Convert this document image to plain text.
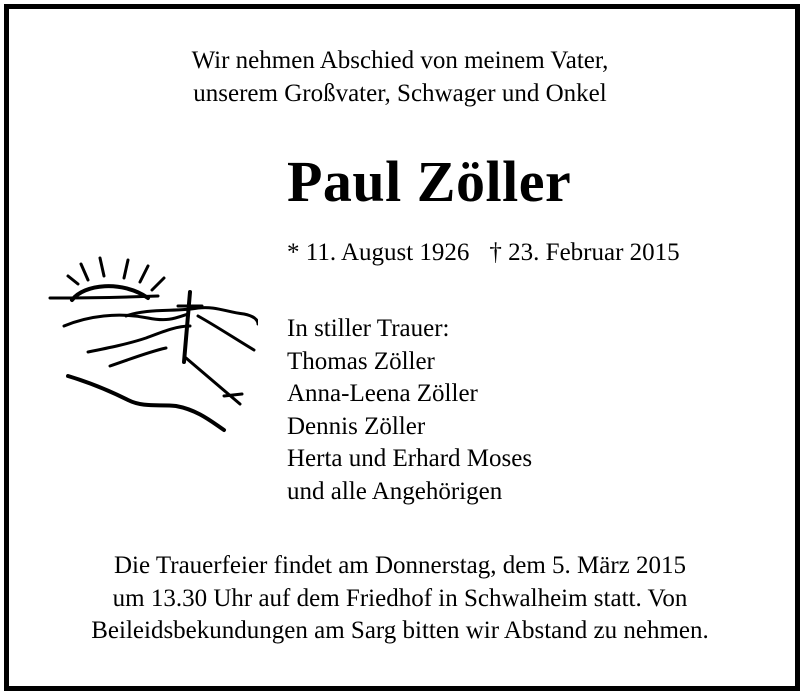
Wir nehmen Abschied von meinem Vater,
unserem Großvater, Schwager und Onkel
Paul Zöller
* 11. August 1926 † 23. Februar 2015
In stiller Trauer:
Thomas Zöller
Anna-Leena Zöller
Dennis Zöller
Herta und Erhard Moses
und alle Angehörigen
Die Trauerfeier findet am Donnerstag, dem 5. März 2015
um 13.30 Uhr auf dem Friedhof in Schwalheim statt. Von
Beileidsbekundungen am Sarg bitten wir Abstand zu nehmen.
